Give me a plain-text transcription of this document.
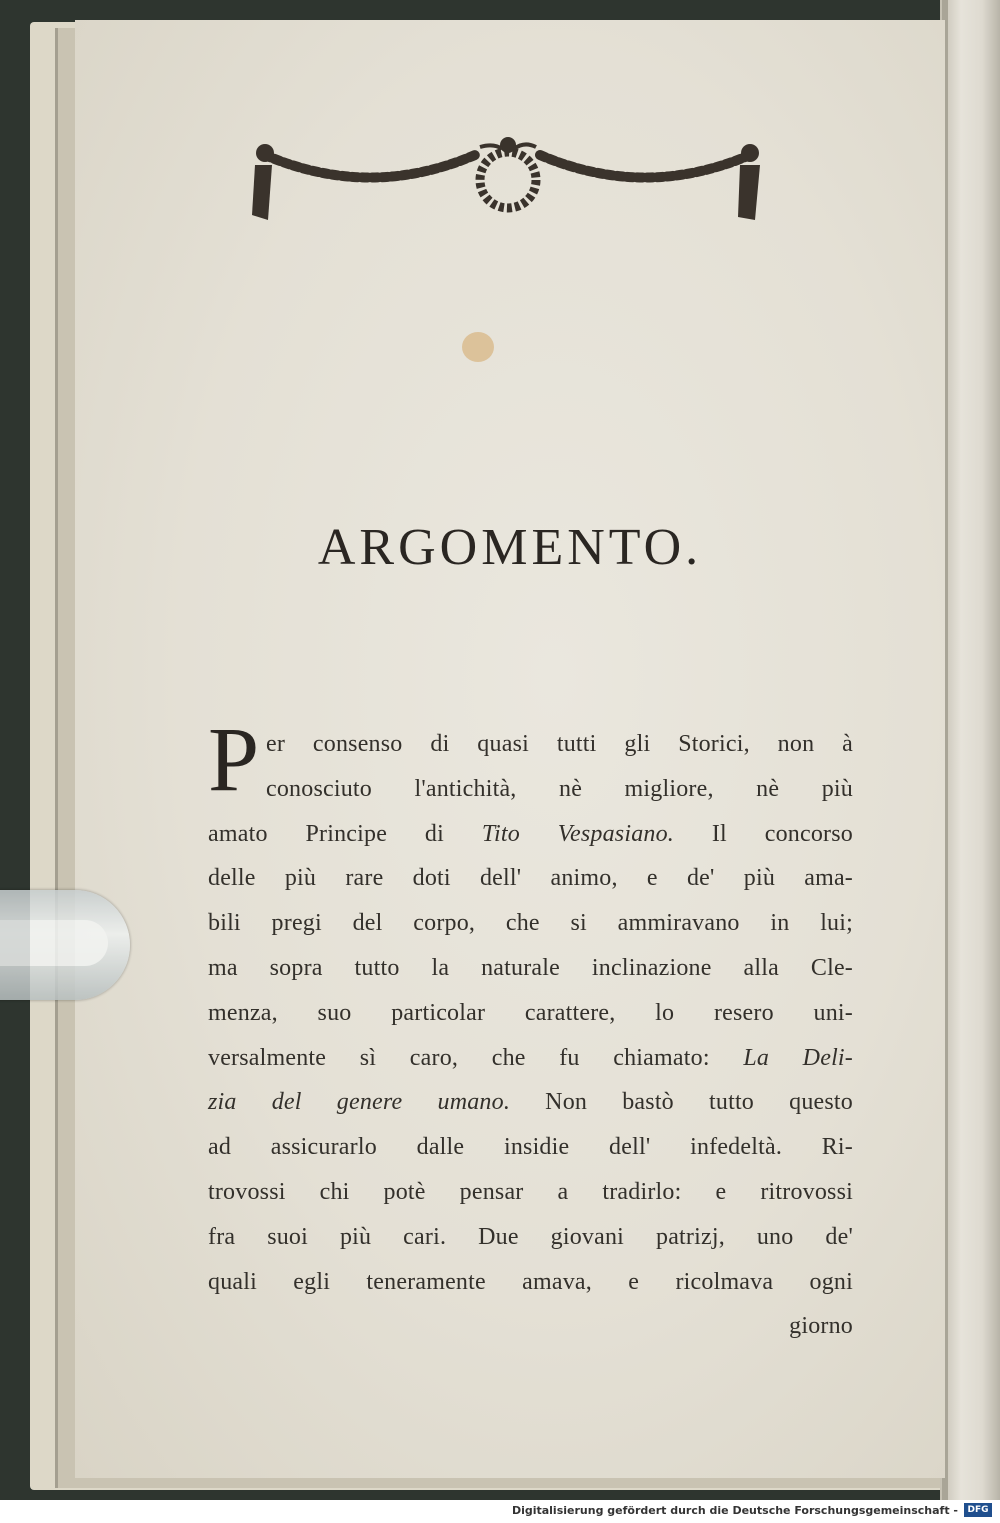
ARGOMENTO.
P er consenso di quasi tutti gli Storici, non à
conosciuto l'antichità, nè migliore, nè più
amato Principe di Tito Vespasiano. Il concorso
delle più rare doti dell' animo, e de' più ama-
bili pregi del corpo, che si ammiravano in lui;
ma sopra tutto la naturale inclinazione alla Cle-
menza, suo particolar carattere, lo resero uni-
versalmente sì caro, che fu chiamato: La Deli-
zia del genere umano. Non bastò tutto questo
ad assicurarlo dalle insidie dell' infedeltà. Ri-
trovossi chi potè pensar a tradirlo: e ritrovossi
fra suoi più cari. Due giovani patrizj, uno de'
quali egli teneramente amava, e ricolmava ogni
giorno
Digitalisierung gefördert durch die Deutsche Forschungsgemeinschaft -	DFG
